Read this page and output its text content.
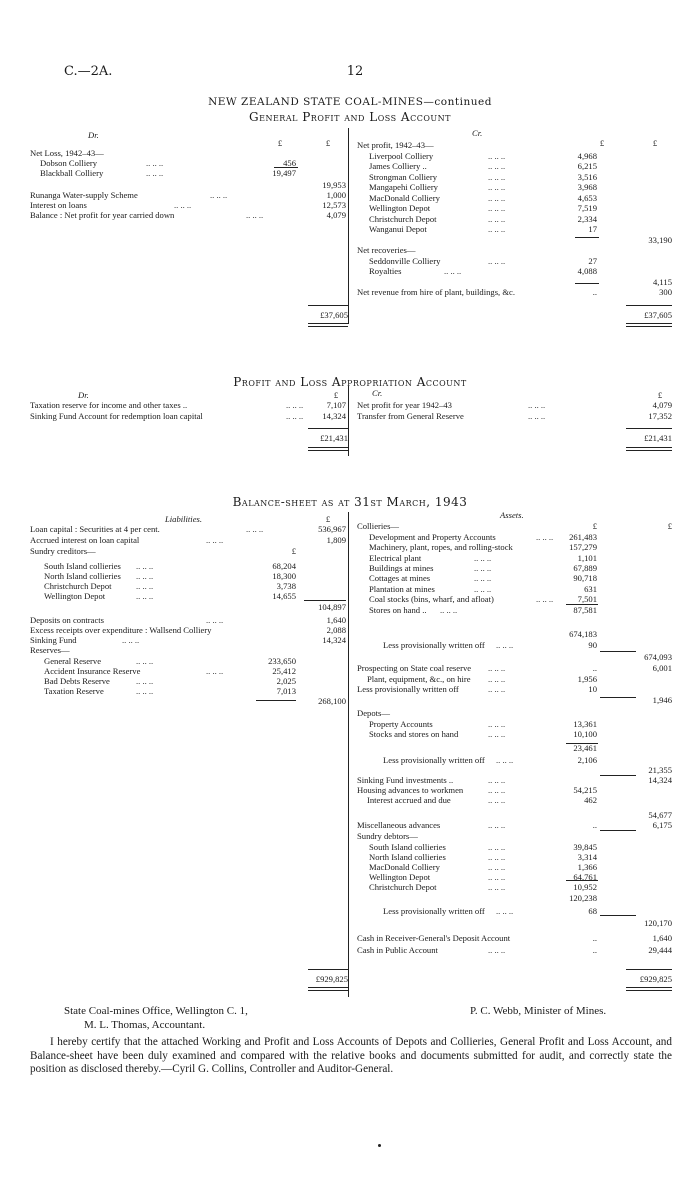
C.—2A.	12
NEW ZEALAND STATE COAL-MINES—continued
General Profit and Loss Account
Dr.	Cr.
£	£	£	£
Net Loss, 1942–43—
Dobson Colliery	.. .. ..	456
Blackball Colliery	.. .. ..	19,497
19,953
Runanga Water-supply Scheme	.. .. ..	1,000
Interest on loans	.. .. ..	12,573
Balance : Net profit for year carried down	.. .. ..	4,079
Net profit, 1942–43—
Liverpool Colliery	.. .. ..	4,968
James Colliery ..	.. .. ..	6,215
Strongman Colliery	.. .. ..	3,516
Mangapehi Colliery	.. .. ..	3,968
MacDonald Colliery	.. .. ..	4,653
Wellington Depot	.. .. ..	7,519
Christchurch Depot	.. .. ..	2,334
Wanganui Depot	.. .. ..	17
33,190
Net recoveries—
Seddonville Colliery	.. .. ..	27
Royalties	.. .. ..	4,088
4,115
Net revenue from hire of plant, buildings, &c.	..	300
£37,605	£37,605
Profit and Loss Appropriation Account
Dr.	Cr.
£	£
Taxation reserve for income and other taxes ..	.. .. ..	7,107
Sinking Fund Account for redemption loan capital	.. .. ..	14,324
Net profit for year 1942–43	.. .. ..	4,079
Transfer from General Reserve	.. .. ..	17,352
£21,431	£21,431
Balance-sheet as at 31st March, 1943
Liabilities.	Assets.
£
Loan capital : Securities at 4 per cent.	.. .. ..	536,967
Accrued interest on loan capital	.. .. ..	1,809
Sundry creditors—	£
South Island collieries .. .. ..	68,204
North Island collieries .. .. ..	18,300
Christchurch Depot	.. .. ..	3,738
Wellington Depot	.. .. ..	14,655
104,897
Deposits on contracts	.. .. ..	1,640
Excess receipts over expenditure : Wallsend Colliery	2,088
Sinking Fund	.. .. ..	14,324
Reserves—
General Reserve	.. .. ..	233,650
Accident Insurance Reserve	.. .. ..	25,412
Bad Debts Reserve	.. .. ..	2,025
Taxation Reserve	.. .. ..	7,013
268,100
Collieries—	£	£
Development and Property Accounts	.. .. ..	261,483
Machinery, plant, ropes, and rolling-stock	157,279
Electrical plant	.. .. ..	1,101
Buildings at mines	.. .. ..	67,889
Cottages at mines	.. .. ..	90,718
Plantation at mines	.. .. ..	631
Coal stocks (bins, wharf, and afloat)	.. .. ..	7,501
Stores on hand .. .. .. ..	87,581
674,183
Less provisionally written off .. .. ..	90
674,093
Prospecting on State coal reserve .. .. ..	..	6,001
Plant, equipment, &c., on hire .. .. ..	1,956
Less provisionally written off	.. .. ..	10
1,946
Depots—
Property Accounts	.. .. ..	13,361
Stocks and stores on hand	.. .. ..	10,100
23,461
Less provisionally written off .. .. ..	2,106
21,355
Sinking Fund investments ..	.. .. ..	14,324
Housing advances to workmen	.. .. ..	54,215
Interest accrued and due	.. .. ..	462
54,677
Miscellaneous advances	.. .. ..	..	6,175
Sundry debtors—
South Island collieries	.. .. ..	39,845
North Island collieries	.. .. ..	3,314
MacDonald Colliery	.. .. ..	1,366
Wellington Depot	.. .. ..	64,761
Christchurch Depot	.. .. ..	10,952
120,238
Less provisionally written off .. .. ..	68
120,170
Cash in Receiver-General's Deposit Account	..	1,640
Cash in Public Account	.. .. ..	..	29,444
£929,825	£929,825
State Coal-mines Office, Wellington C. 1,
M. L. Thomas, Accountant.
P. C. Webb, Minister of Mines.
I hereby certify that the attached Working and Profit and Loss Accounts of Depots and Collieries, General Profit and Loss Account, and Balance-sheet have been duly examined and compared with the relative books and documents submitted for audit, and correctly state the position as disclosed thereby.—Cyril G. Collins, Controller and Auditor-General.
